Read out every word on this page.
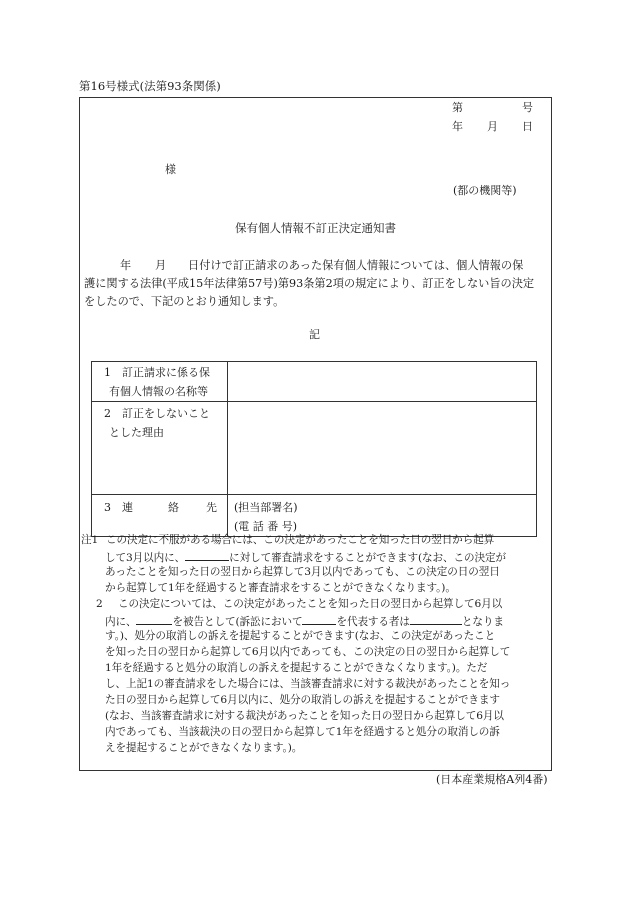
第16号様式(法第93条関係)
第	号
年 月 日
様
(都の機関等)
保有個人情報不訂正決定通知書
年 月 日付けで訂正請求のあった保有個人情報については、個人情報の保
護に関する法律(平成15年法律第57号)第93条第2項の規定により、訂正をしない旨の決定
をしたので、下記のとおり通知します。
記
1　訂正請求に係る保
有個人情報の名称等	

2　訂正をしないこと
とした理由	

3 連 絡 先	(担当部署名)
(電 話 番 号)
注1 この決定に不服がある場合には、この決定があったことを知った日の翌日から起算
して3月以内に、	に対して審査請求をすることができます(なお、この決定が
あったことを知った日の翌日から起算して3月以内であっても、この決定の日の翌日
から起算して1年を経過すると審査請求をすることができなくなります。)。
2 この決定については、この決定があったことを知った日の翌日から起算して6月以
内に、	を被告として(訴訟において	を代表する者は	となりま
す。)、処分の取消しの訴えを提起することができます(なお、この決定があったこと
を知った日の翌日から起算して6月以内であっても、この決定の日の翌日から起算して
1年を経過すると処分の取消しの訴えを提起することができなくなります。)。ただ
し、上記1の審査請求をした場合には、当該審査請求に対する裁決があったことを知っ
た日の翌日から起算して6月以内に、処分の取消しの訴えを提起することができます
(なお、当該審査請求に対する裁決があったことを知った日の翌日から起算して6月以
内であっても、当該裁決の日の翌日から起算して1年を経過すると処分の取消しの訴
えを提起することができなくなります。)。
(日本産業規格A列4番)
